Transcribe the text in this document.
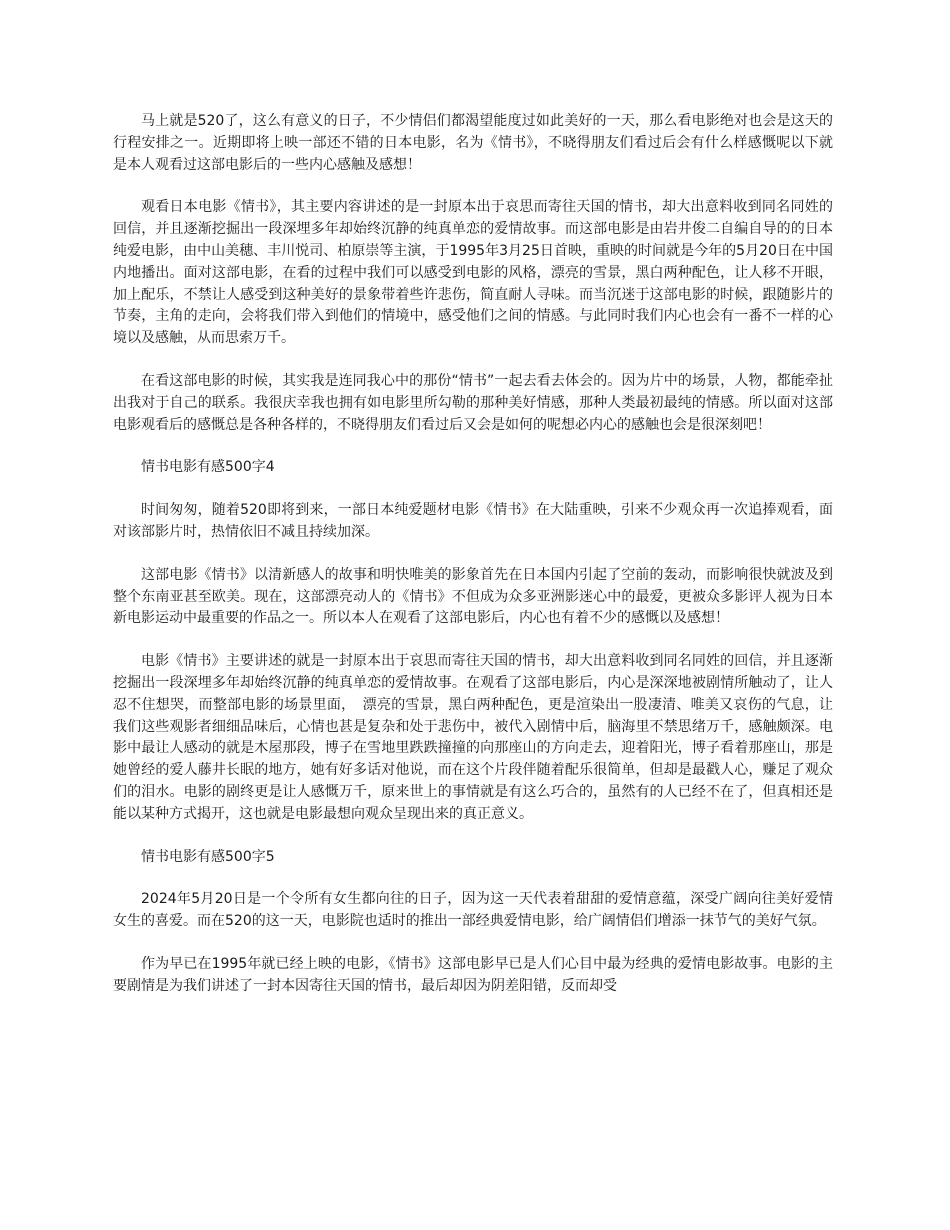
马上就是520了，这么有意义的日子，不少情侣们都渴望能度过如此美好的一天，那么看电影绝对也会是这天的行程安排之一。近期即将上映一部还不错的日本电影，名为《情书》，不晓得朋友们看过后会有什么样感慨呢以下就是本人观看过这部电影后的一些内心感触及感想！

观看日本电影《情书》，其主要内容讲述的是一封原本出于哀思而寄往天国的情书，却大出意料收到同名同姓的回信，并且逐渐挖掘出一段深埋多年却始终沉静的纯真单恋的爱情故事。而这部电影是由岩井俊二自编自导的的日本纯爱电影，由中山美穗、丰川悦司、柏原崇等主演，于1995年3月25日首映，重映的时间就是今年的5月20日在中国内地播出。面对这部电影，在看的过程中我们可以感受到电影的风格，漂亮的雪景，黑白两种配色，让人移不开眼，加上配乐，不禁让人感受到这种美好的景象带着些许悲伤，简直耐人寻味。而当沉迷于这部电影的时候，跟随影片的节奏，主角的走向，会将我们带入到他们的情境中，感受他们之间的情感。与此同时我们内心也会有一番不一样的心境以及感触，从而思索万千。

在看这部电影的时候，其实我是连同我心中的那份“情书”一起去看去体会的。因为片中的场景，人物，都能牵扯出我对于自己的联系。我很庆幸我也拥有如电影里所勾勒的那种美好情感，那种人类最初最纯的情感。所以面对这部电影观看后的感慨总是各种各样的，不晓得朋友们看过后又会是如何的呢想必内心的感触也会是很深刻吧！

情书电影有感500字4

时间匆匆，随着520即将到来，一部日本纯爱题材电影《情书》在大陆重映，引来不少观众再一次追捧观看，面对该部影片时，热情依旧不减且持续加深。

这部电影《情书》以清新感人的故事和明快唯美的影象首先在日本国内引起了空前的轰动，而影响很快就波及到整个东南亚甚至欧美。现在，这部漂亮动人的《情书》不但成为众多亚洲影迷心中的最爱，更被众多影评人视为日本新电影运动中最重要的作品之一。所以本人在观看了这部电影后，内心也有着不少的感慨以及感想！

电影《情书》主要讲述的就是一封原本出于哀思而寄往天国的情书，却大出意料收到同名同姓的回信，并且逐渐挖掘出一段深埋多年却始终沉静的纯真单恋的爱情故事。在观看了这部电影后，内心是深深地被剧情所触动了，让人忍不住想哭，而整部电影的场景里面，　漂亮的雪景，黑白两种配色，更是渲染出一股凄清、唯美又哀伤的气息，让我们这些观影者细细品味后，心情也甚是复杂和处于悲伤中，被代入剧情中后，脑海里不禁思绪万千，感触颇深。电影中最让人感动的就是木屋那段，博子在雪地里跌跌撞撞的向那座山的方向走去，迎着阳光，博子看着那座山，那是她曾经的爱人藤井长眠的地方，她有好多话对他说，而在这个片段伴随着配乐很简单，但却是最戳人心，赚足了观众们的泪水。电影的剧终更是让人感慨万千，原来世上的事情就是有这么巧合的，虽然有的人已经不在了，但真相还是能以某种方式揭开，这也就是电影最想向观众呈现出来的真正意义。

情书电影有感500字5

2024年5月20日是一个令所有女生都向往的日子，因为这一天代表着甜甜的爱情意蕴，深受广阔向往美好爱情女生的喜爱。而在520的这一天，电影院也适时的推出一部经典爱情电影，给广阔情侣们增添一抹节气的美好气氛。

作为早已在1995年就已经上映的电影，《情书》这部电影早已是人们心目中最为经典的爱情电影故事。电影的主要剧情是为我们讲述了一封本因寄往天国的情书，最后却因为阴差阳错，反而却受
